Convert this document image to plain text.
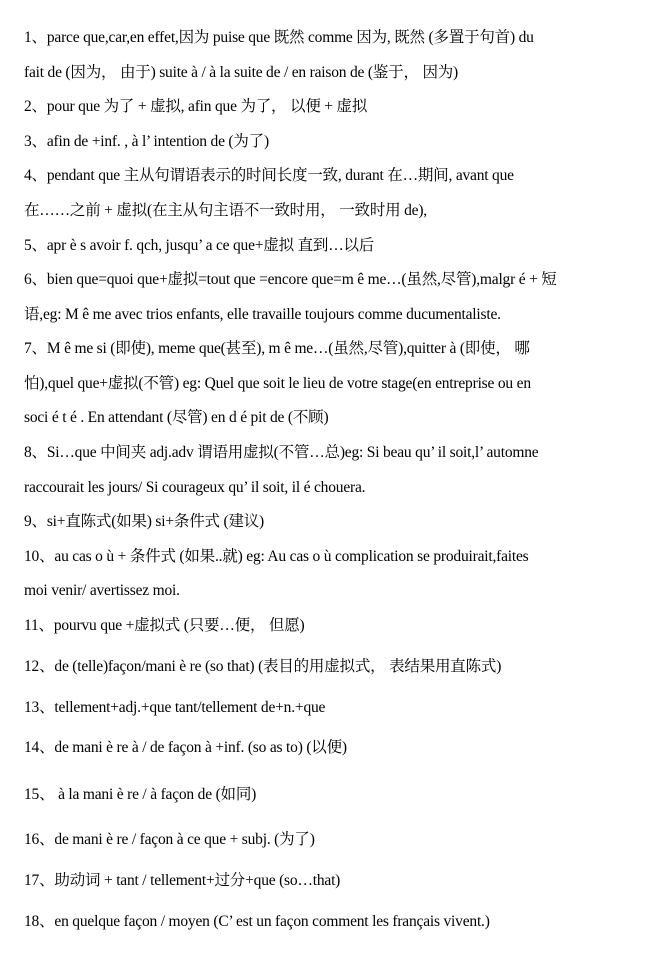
1、parce que,car,en effet,因为 puise que 既然 comme 因为, 既然 (多置于句首) du
fait de (因为， 由于) suite à / à la suite de / en raison de (鉴于， 因为)
2、pour que 为了 + 虚拟, afin que 为了， 以便 + 虚拟
3、afin de +inf. , à l’ intention de (为了)
4、pendant que 主从句谓语表示的时间长度一致, durant 在…期间, avant que
在……之前 + 虚拟(在主从句主语不一致时用， 一致时用 de),
5、apr è s avoir f. qch, jusqu’ a ce que+虚拟 直到…以后
6、bien que=quoi que+虚拟=tout que =encore que=m ê me…(虽然,尽管),malgr é + 短
语,eg: M ê me avec trios enfants, elle travaille toujours comme ducumentaliste.
7、M ê me si (即使), meme que(甚至), m ê me…(虽然,尽管),quitter à (即使， 哪
怕),quel que+虚拟(不管) eg: Quel que soit le lieu de votre stage(en entreprise ou en
soci é t é . En attendant (尽管) en d é pit de (不顾)
8、Si…que 中间夹 adj.adv 谓语用虚拟(不管…总)eg: Si beau qu’ il soit,l’ automne
raccourait les jours/ Si courageux qu’ il soit, il é chouera.
9、si+直陈式(如果) si+条件式 (建议)
10、au cas o ù + 条件式 (如果..就) eg: Au cas o ù complication se produirait,faites
moi venir/ avertissez moi.
11、pourvu que +虚拟式 (只要…便， 但愿)
12、de (telle)façon/mani è re (so that) (表目的用虚拟式， 表结果用直陈式)
13、tellement+adj.+que tant/tellement de+n.+que
14、de mani è re à / de façon à +inf. (so as to) (以便)
15、 à la mani è re / à façon de (如同)
16、de mani è re / façon à ce que + subj. (为了)
17、助动词 + tant / tellement+过分+que (so…that)
18、en quelque façon / moyen (C’ est un façon comment les français vivent.)
